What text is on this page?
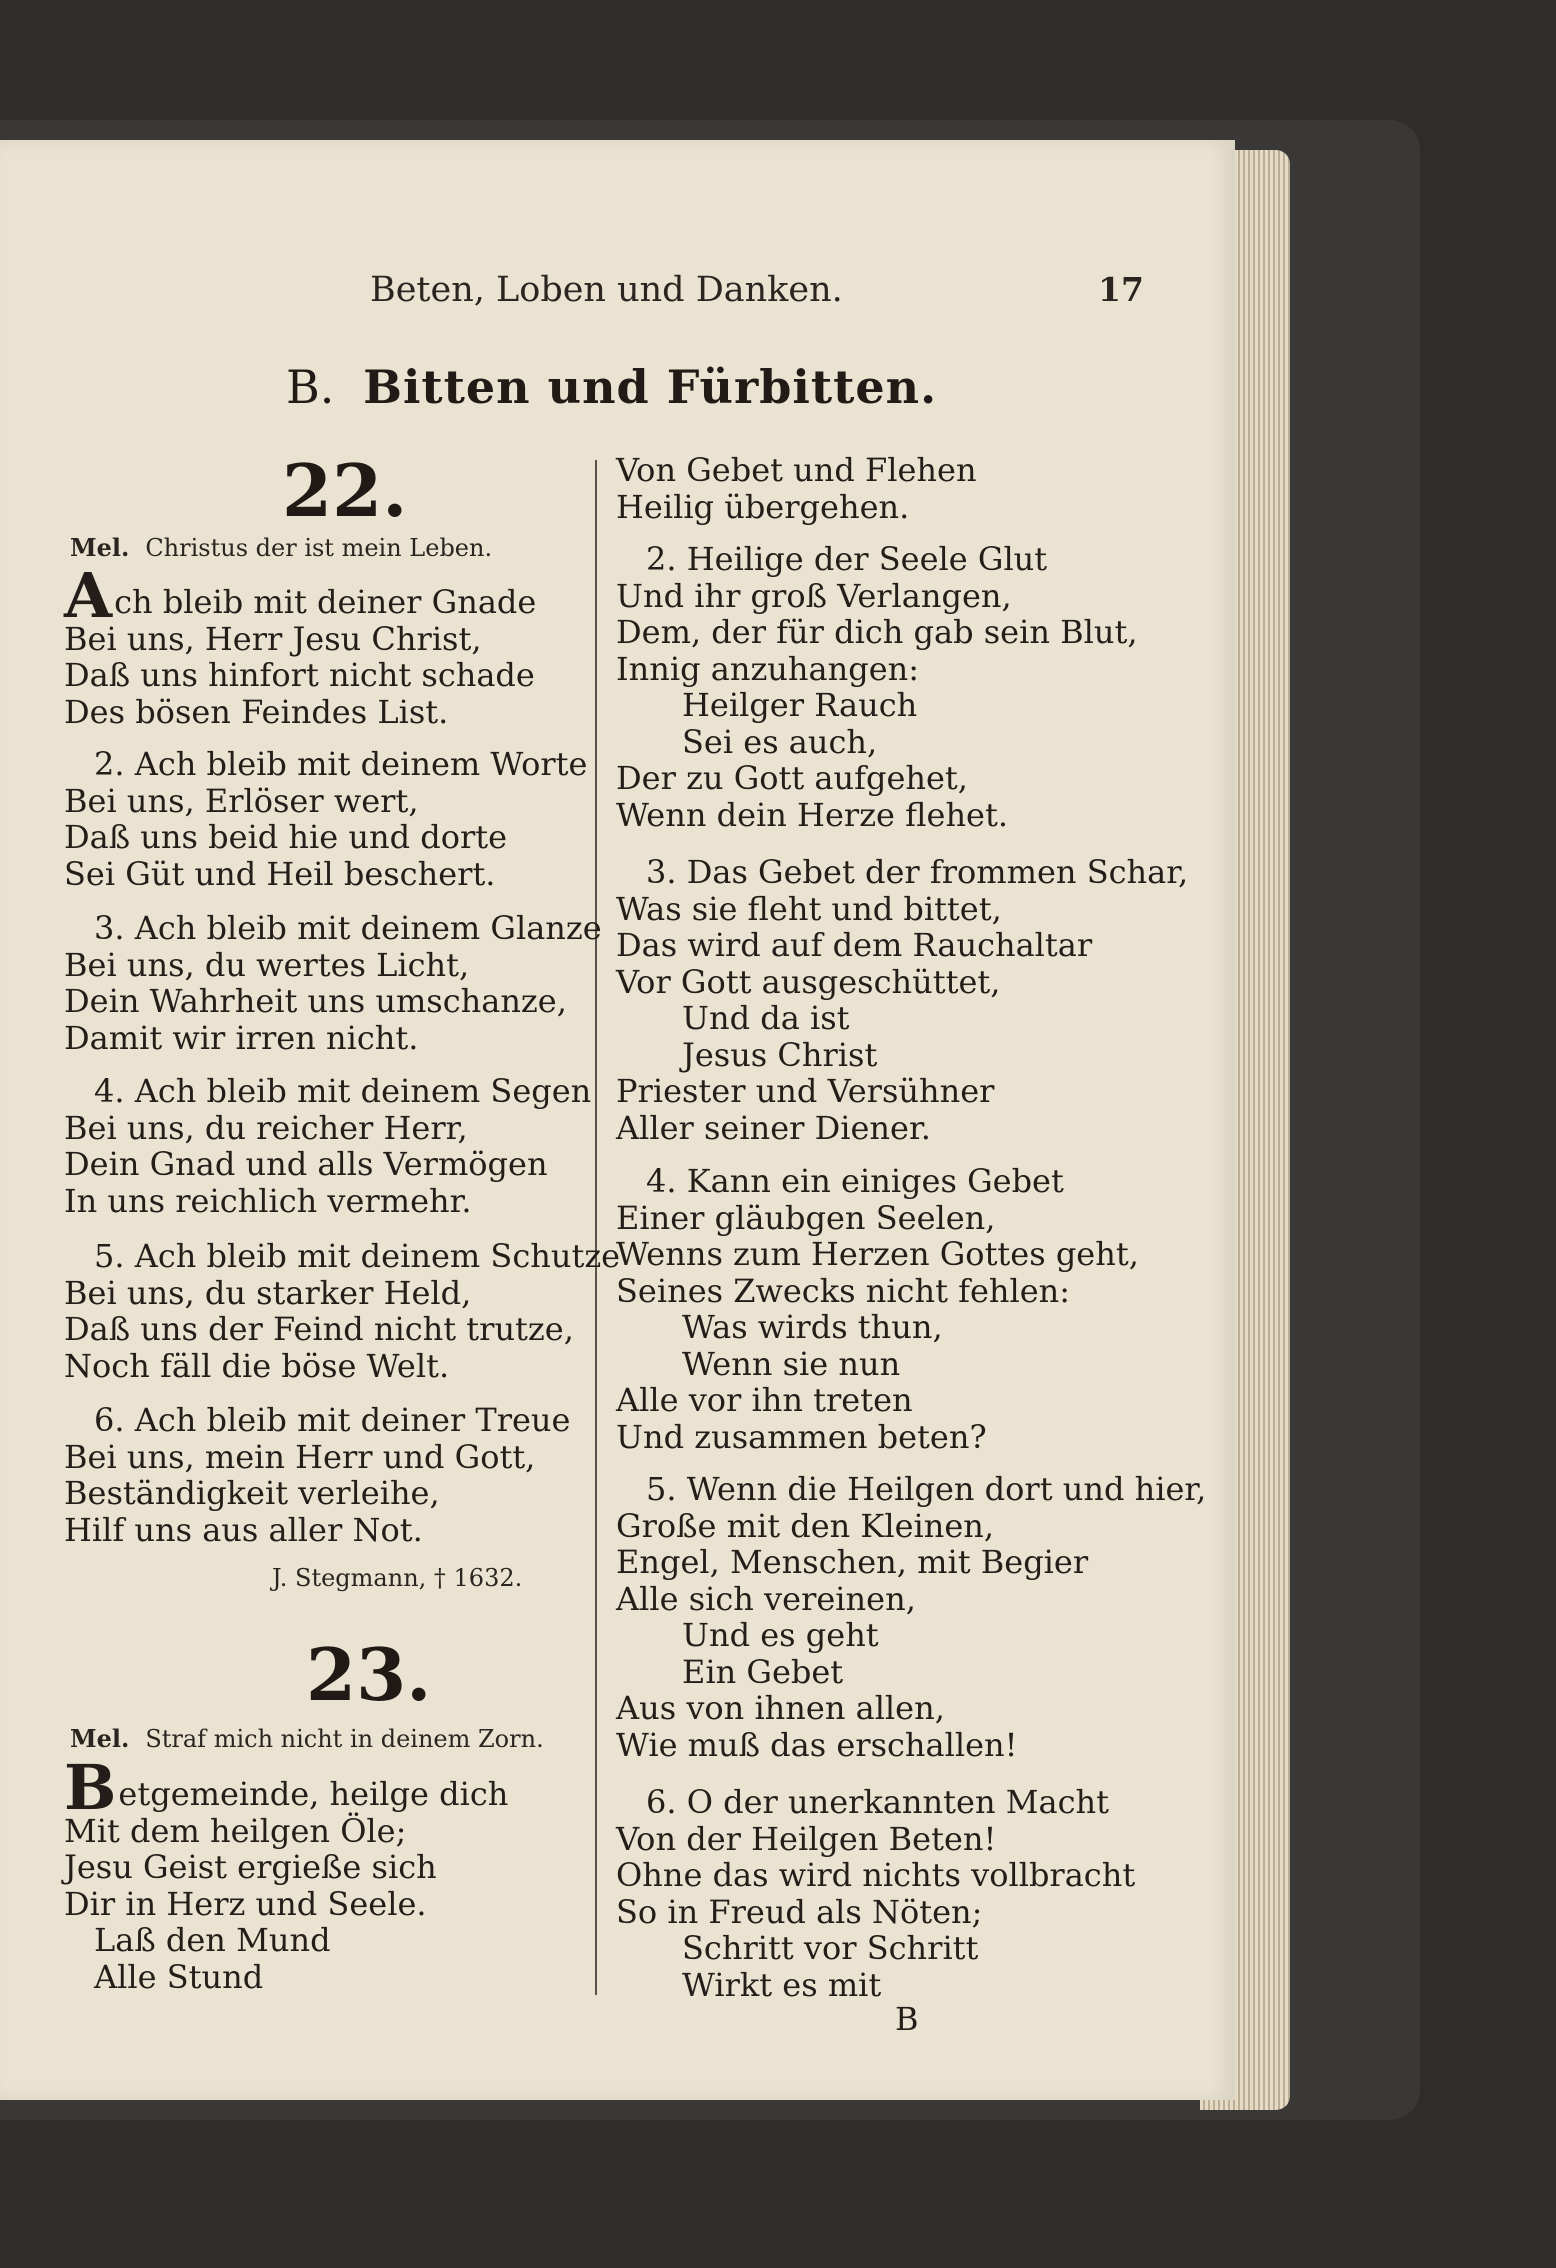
Beten, Loben und Danken.	17
B. Bitten und Fürbitten.
22.
Mel. Christus der ist mein Leben.
Ach bleib mit deiner Gnade
Bei uns, Herr Jesu Christ,
Daß uns hinfort nicht schade
Des bösen Feindes List.
2. Ach bleib mit deinem Worte
Bei uns, Erlöser wert,
Daß uns beid hie und dorte
Sei Güt und Heil beschert.
3. Ach bleib mit deinem Glanze
Bei uns, du wertes Licht,
Dein Wahrheit uns umschanze,
Damit wir irren nicht.
4. Ach bleib mit deinem Segen
Bei uns, du reicher Herr,
Dein Gnad und alls Vermögen
In uns reichlich vermehr.
5. Ach bleib mit deinem Schutze
Bei uns, du starker Held,
Daß uns der Feind nicht trutze,
Noch fäll die böse Welt.
6. Ach bleib mit deiner Treue
Bei uns, mein Herr und Gott,
Beständigkeit verleihe,
Hilf uns aus aller Not.
J. Stegmann, † 1632.
23.
Mel. Straf mich nicht in deinem Zorn.
Betgemeinde, heilge dich
Mit dem heilgen Öle;
Jesu Geist ergieße sich
Dir in Herz und Seele.
Laß den Mund
Alle Stund
Von Gebet und Flehen
Heilig übergehen.
2. Heilige der Seele Glut
Und ihr groß Verlangen,
Dem, der für dich gab sein Blut,
Innig anzuhangen:
Heilger Rauch
Sei es auch,
Der zu Gott aufgehet,
Wenn dein Herze flehet.
3. Das Gebet der frommen Schar,
Was sie fleht und bittet,
Das wird auf dem Rauchaltar
Vor Gott ausgeschüttet,
Und da ist
Jesus Christ
Priester und Versühner
Aller seiner Diener.
4. Kann ein einiges Gebet
Einer gläubgen Seelen,
Wenns zum Herzen Gottes geht,
Seines Zwecks nicht fehlen:
Was wirds thun,
Wenn sie nun
Alle vor ihn treten
Und zusammen beten?
5. Wenn die Heilgen dort und hier,
Große mit den Kleinen,
Engel, Menschen, mit Begier
Alle sich vereinen,
Und es geht
Ein Gebet
Aus von ihnen allen,
Wie muß das erschallen!
6. O der unerkannten Macht
Von der Heilgen Beten!
Ohne das wird nichts vollbracht
So in Freud als Nöten;
Schritt vor Schritt
Wirkt es mit
B
